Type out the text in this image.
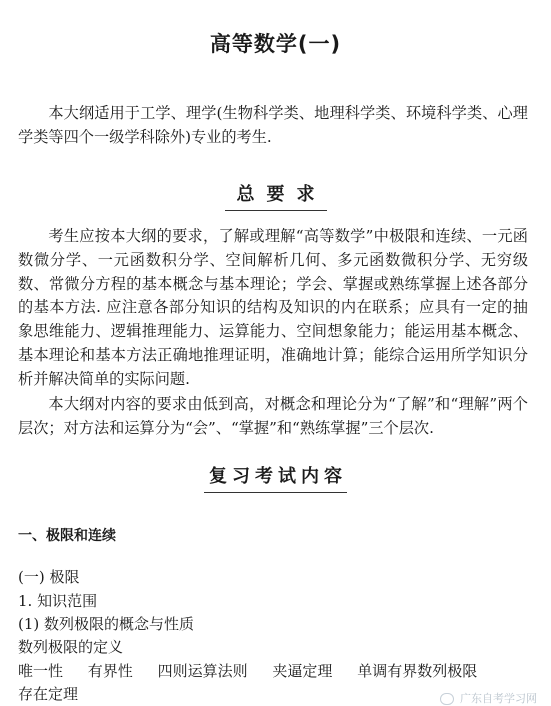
高等数学(一)
本大纲适用于工学、理学(生物科学类、地理科学类、环境科学类、心理学类等四个一级学科除外)专业的考生.
总要求
考生应按本大纲的要求，了解或理解“高等数学”中极限和连续、一元函数微分学、一元函数积分学、空间解析几何、多元函数微积分学、无穷级数、常微分方程的基本概念与基本理论；学会、掌握或熟练掌握上述各部分的基本方法. 应注意各部分知识的结构及知识的内在联系；应具有一定的抽象思维能力、逻辑推理能力、运算能力、空间想象能力；能运用基本概念、基本理论和基本方法正确地推理证明，准确地计算；能综合运用所学知识分析并解决简单的实际问题.
本大纲对内容的要求由低到高，对概念和理论分为“了解”和“理解”两个层次；对方法和运算分为“会”、“掌握”和“熟练掌握”三个层次.
复习考试内容
一、极限和连续
(一) 极限
1. 知识范围
(1) 数列极限的概念与性质
数列极限的定义
唯一性 有界性 四则运算法则 夹逼定理 单调有界数列极限
存在定理	广东自考学习网
